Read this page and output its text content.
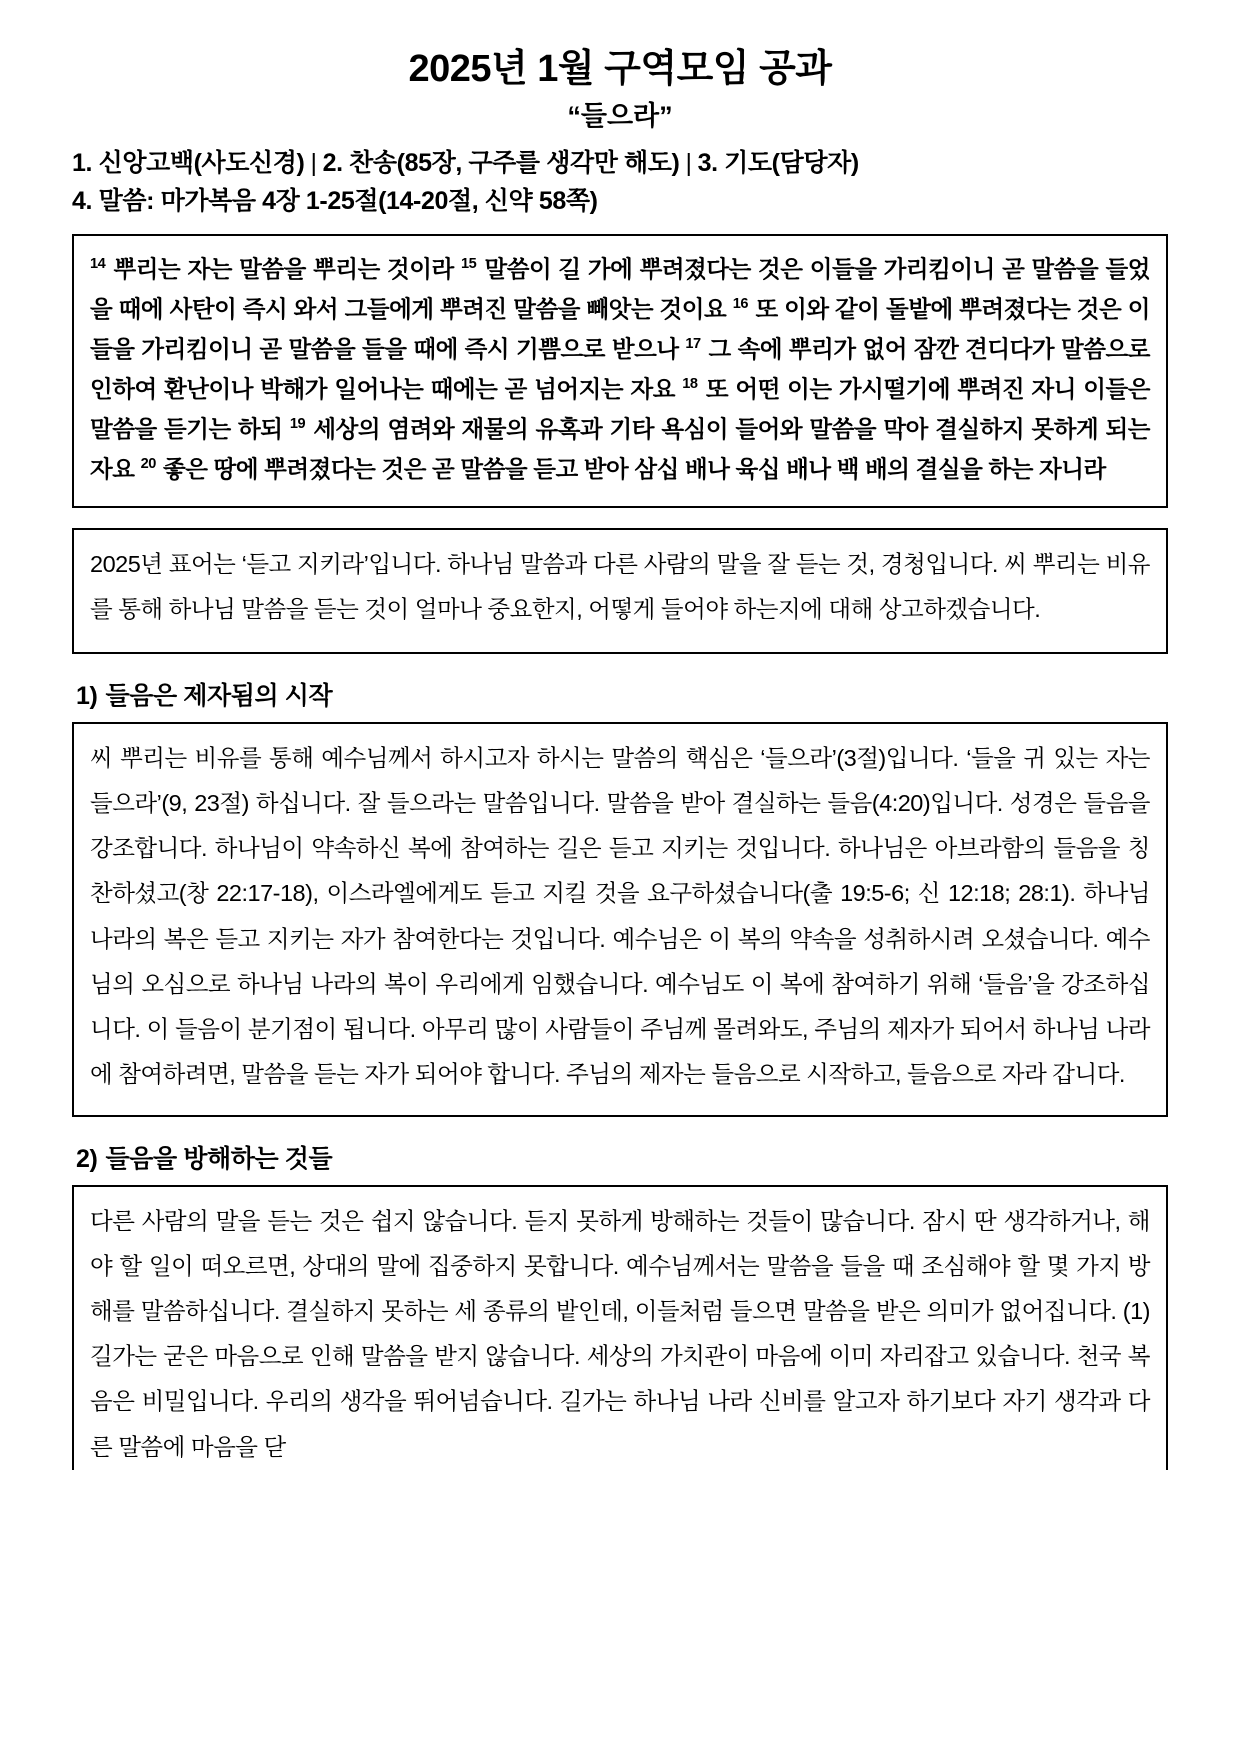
2025년 1월 구역모임 공과
“들으라”
1. 신앙고백(사도신경) | 2. 찬송(85장, 구주를 생각만 해도) | 3. 기도(담당자)
4. 말씀: 마가복음 4장 1-25절(14-20절, 신약 58쪽)
$^{14}$ 뿌리는 자는 말씀을 뿌리는 것이라 $^{15}$ 말씀이 길 가에 뿌려졌다는 것은 이들을 가리킴이니 곧 말씀을 들었을 때에 사탄이 즉시 와서 그들에게 뿌려진 말씀을 빼앗는 것이요 $^{16}$ 또 이와 같이 돌밭에 뿌려졌다는 것은 이들을 가리킴이니 곧 말씀을 들을 때에 즉시 기쁨으로 받으나 $^{17}$ 그 속에 뿌리가 없어 잠깐 견디다가 말씀으로 인하여 환난이나 박해가 일어나는 때에는 곧 넘어지는 자요 $^{18}$ 또 어떤 이는 가시떨기에 뿌려진 자니 이들은 말씀을 듣기는 하되 $^{19}$ 세상의 염려와 재물의 유혹과 기타 욕심이 들어와 말씀을 막아 결실하지 못하게 되는 자요 $^{20}$ 좋은 땅에 뿌려졌다는 것은 곧 말씀을 듣고 받아 삼십 배나 육십 배나 백 배의 결실을 하는 자니라
2025년 표어는 ‘듣고 지키라’입니다. 하나님 말씀과 다른 사람의 말을 잘 듣는 것, 경청입니다. 씨 뿌리는 비유를 통해 하나님 말씀을 듣는 것이 얼마나 중요한지, 어떻게 들어야 하는지에 대해 상고하겠습니다.
1) 들음은 제자됨의 시작
씨 뿌리는 비유를 통해 예수님께서 하시고자 하시는 말씀의 핵심은 ‘들으라’(3절)입니다. ‘들을 귀 있는 자는 들으라’(9, 23절) 하십니다. 잘 들으라는 말씀입니다. 말씀을 받아 결실하는 들음(4:20)입니다. 성경은 들음을 강조합니다. 하나님이 약속하신 복에 참여하는 길은 듣고 지키는 것입니다. 하나님은 아브라함의 들음을 칭찬하셨고(창 22:17-18), 이스라엘에게도 듣고 지킬 것을 요구하셨습니다(출 19:5-6; 신 12:18; 28:1). 하나님 나라의 복은 듣고 지키는 자가 참여한다는 것입니다. 예수님은 이 복의 약속을 성취하시려 오셨습니다. 예수님의 오심으로 하나님 나라의 복이 우리에게 임했습니다. 예수님도 이 복에 참여하기 위해 ‘들음’을 강조하십니다. 이 들음이 분기점이 됩니다. 아무리 많이 사람들이 주님께 몰려와도, 주님의 제자가 되어서 하나님 나라에 참여하려면, 말씀을 듣는 자가 되어야 합니다. 주님의 제자는 들음으로 시작하고, 들음으로 자라 갑니다.
2) 들음을 방해하는 것들
다른 사람의 말을 듣는 것은 쉽지 않습니다. 듣지 못하게 방해하는 것들이 많습니다. 잠시 딴 생각하거나, 해야 할 일이 떠오르면, 상대의 말에 집중하지 못합니다. 예수님께서는 말씀을 들을 때 조심해야 할 몇 가지 방해를 말씀하십니다. 결실하지 못하는 세 종류의 밭인데, 이들처럼 들으면 말씀을 받은 의미가 없어집니다. (1) 길가는 굳은 마음으로 인해 말씀을 받지 않습니다. 세상의 가치관이 마음에 이미 자리잡고 있습니다. 천국 복음은 비밀입니다. 우리의 생각을 뛰어넘습니다. 길가는 하나님 나라 신비를 알고자 하기보다 자기 생각과 다른 말씀에 마음을 닫
